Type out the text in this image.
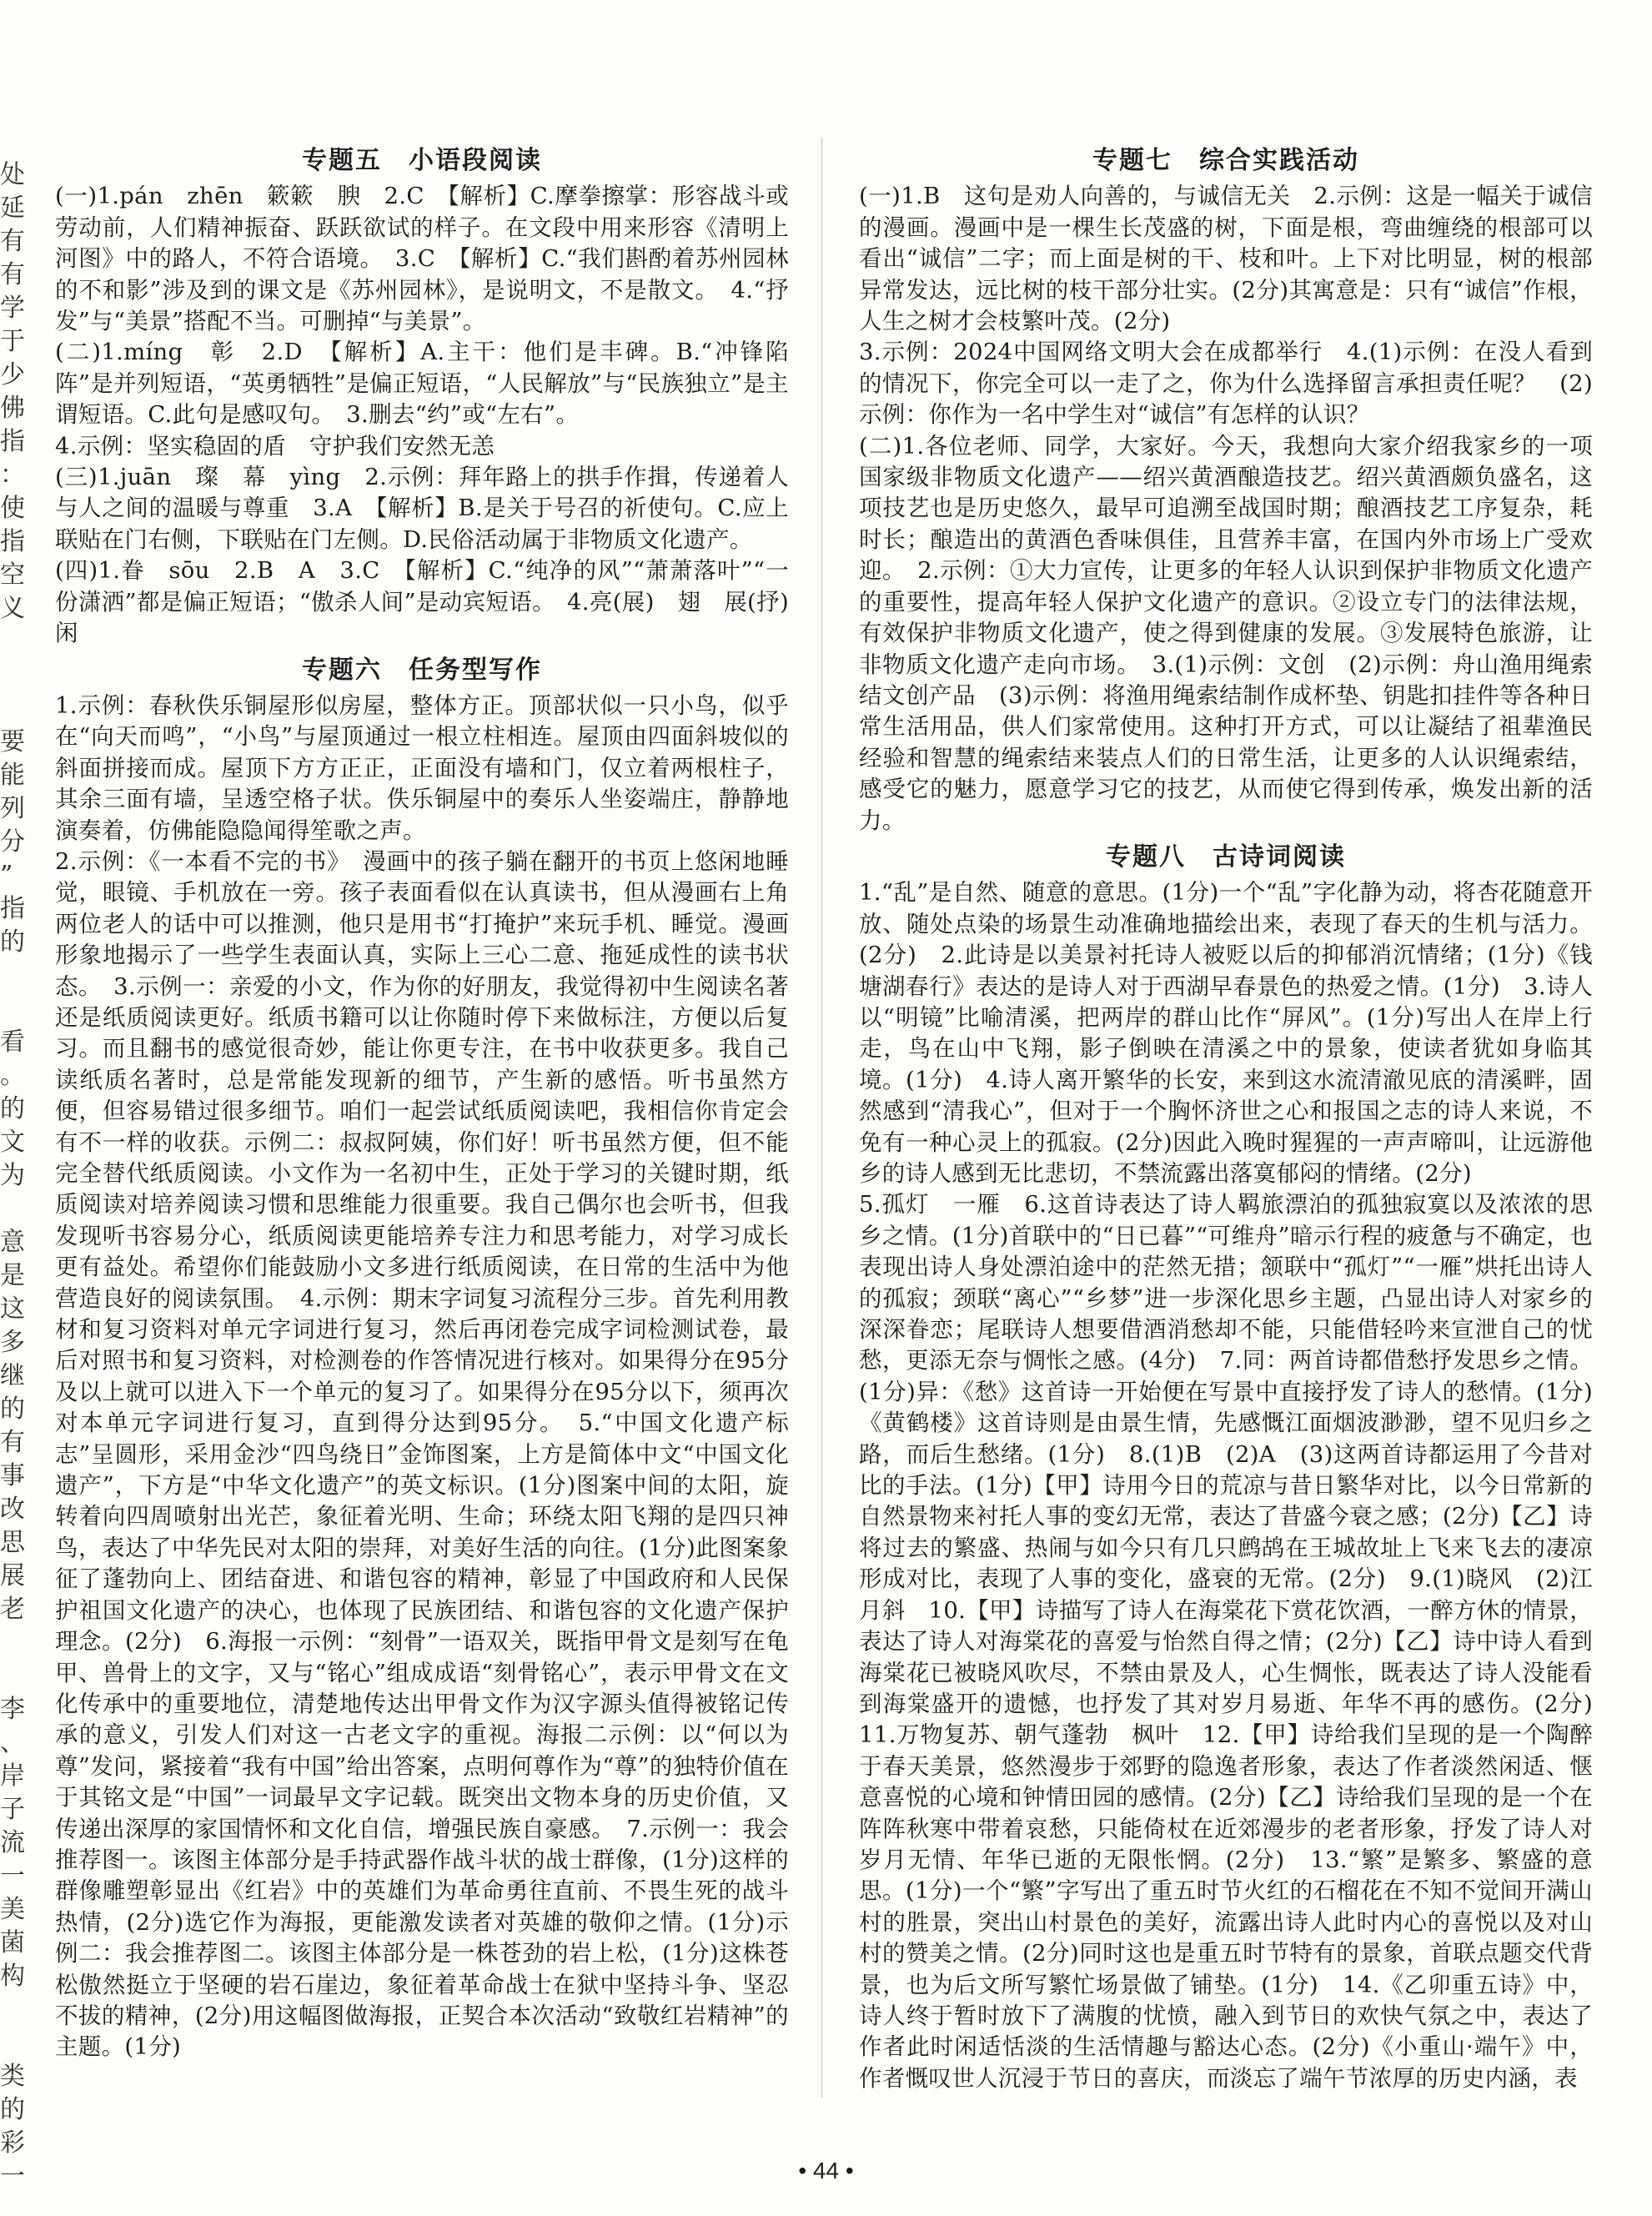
处
延
有
有
学
于
少
佛
指
：
使
指
空
义
要
能
列
分
”
指
的
看
。
的
文
为
意
是
这
多
继
的
有
事
改
思
展
老
李
、
岸
子
流
一
美
菌
构
类
的
彩
一
专题五　小语段阅读

(一)1.pán　zhēn　簌簌　腴　2.C　【解析】C.摩拳擦掌：形容战斗或劳动前，人们精神振奋、跃跃欲试的样子。在文段中用来形容《清明上河图》中的路人，不符合语境。　3.C　【解析】C.“我们斟酌着苏州园林的不和影”涉及到的课文是《苏州园林》，是说明文，不是散文。　4.“抒发”与“美景”搭配不当。可删掉“与美景”。

(二)1.míng　彰　2.D　【解析】A.主干：他们是丰碑。B.“冲锋陷阵”是并列短语，“英勇牺牲”是偏正短语，“人民解放”与“民族独立”是主谓短语。C.此句是感叹句。　3.删去“约”或“左右”。

4.示例：坚实稳固的盾　守护我们安然无恙

(三)1.juān　璨　幕　yìng　2.示例：拜年路上的拱手作揖，传递着人与人之间的温暖与尊重　3.A　【解析】B.是关于号召的祈使句。C.应上联贴在门右侧，下联贴在门左侧。D.民俗活动属于非物质文化遗产。

(四)1.眷　sōu　2.B　A　3.C　【解析】C.“纯净的风”“萧萧落叶”“一份潇洒”都是偏正短语；“傲杀人间”是动宾短语。　4.亮(展)　翅　展(抒)闲

专题六　任务型写作

1.示例：春秋佚乐铜屋形似房屋，整体方正。顶部状似一只小鸟，似乎在“向天而鸣”，“小鸟”与屋顶通过一根立柱相连。屋顶由四面斜坡似的斜面拼接而成。屋顶下方方正正，正面没有墙和门，仅立着两根柱子，其余三面有墙，呈透空格子状。佚乐铜屋中的奏乐人坐姿端庄，静静地演奏着，仿佛能隐隐闻得笙歌之声。

2.示例：《一本看不完的书》　漫画中的孩子躺在翻开的书页上悠闲地睡觉，眼镜、手机放在一旁。孩子表面看似在认真读书，但从漫画右上角两位老人的话中可以推测，他只是用书“打掩护”来玩手机、睡觉。漫画形象地揭示了一些学生表面认真，实际上三心二意、拖延成性的读书状态。　3.示例一：亲爱的小文，作为你的好朋友，我觉得初中生阅读名著还是纸质阅读更好。纸质书籍可以让你随时停下来做标注，方便以后复习。而且翻书的感觉很奇妙，能让你更专注，在书中收获更多。我自己读纸质名著时，总是常能发现新的细节，产生新的感悟。听书虽然方便，但容易错过很多细节。咱们一起尝试纸质阅读吧，我相信你肯定会有不一样的收获。示例二：叔叔阿姨，你们好！听书虽然方便，但不能完全替代纸质阅读。小文作为一名初中生，正处于学习的关键时期，纸质阅读对培养阅读习惯和思维能力很重要。我自己偶尔也会听书，但我发现听书容易分心，纸质阅读更能培养专注力和思考能力，对学习成长更有益处。希望你们能鼓励小文多进行纸质阅读，在日常的生活中为他营造良好的阅读氛围。　4.示例：期末字词复习流程分三步。首先利用教材和复习资料对单元字词进行复习，然后再闭卷完成字词检测试卷，最后对照书和复习资料，对检测卷的作答情况进行核对。如果得分在95分及以上就可以进入下一个单元的复习了。如果得分在95分以下，须再次对本单元字词进行复习，直到得分达到95分。　5.“中国文化遗产标志”呈圆形，采用金沙“四鸟绕日”金饰图案，上方是简体中文“中国文化遗产”，下方是“中华文化遗产”的英文标识。(1分)图案中间的太阳，旋转着向四周喷射出光芒，象征着光明、生命；环绕太阳飞翔的是四只神鸟，表达了中华先民对太阳的崇拜，对美好生活的向往。(1分)此图案象征了蓬勃向上、团结奋进、和谐包容的精神，彰显了中国政府和人民保护祖国文化遗产的决心，也体现了民族团结、和谐包容的文化遗产保护理念。(2分)　6.海报一示例：“刻骨”一语双关，既指甲骨文是刻写在龟甲、兽骨上的文字，又与“铭心”组成成语“刻骨铭心”，表示甲骨文在文化传承中的重要地位，清楚地传达出甲骨文作为汉字源头值得被铭记传承的意义，引发人们对这一古老文字的重视。海报二示例：以“何以为尊”发问，紧接着“我有中国”给出答案，点明何尊作为“尊”的独特价值在于其铭文是“中国”一词最早文字记载。既突出文物本身的历史价值，又传递出深厚的家国情怀和文化自信，增强民族自豪感。　7.示例一：我会推荐图一。该图主体部分是手持武器作战斗状的战士群像，(1分)这样的群像雕塑彰显出《红岩》中的英雄们为革命勇往直前、不畏生死的战斗热情，(2分)选它作为海报，更能激发读者对英雄的敬仰之情。(1分)示例二：我会推荐图二。该图主体部分是一株苍劲的岩上松，(1分)这株苍松傲然挺立于坚硬的岩石崖边，象征着革命战士在狱中坚持斗争、坚忍不拔的精神，(2分)用这幅图做海报，正契合本次活动“致敬红岩精神”的主题。(1分)

专题七　综合实践活动

(一)1.B　这句是劝人向善的，与诚信无关　2.示例：这是一幅关于诚信的漫画。漫画中是一棵生长茂盛的树，下面是根，弯曲缠绕的根部可以看出“诚信”二字；而上面是树的干、枝和叶。上下对比明显，树的根部异常发达，远比树的枝干部分壮实。(2分)其寓意是：只有“诚信”作根，人生之树才会枝繁叶茂。(2分)

3.示例：2024中国网络文明大会在成都举行　4.(1)示例：在没人看到的情况下，你完全可以一走了之，你为什么选择留言承担责任呢？　(2)示例：你作为一名中学生对“诚信”有怎样的认识？

(二)1.各位老师、同学，大家好。今天，我想向大家介绍我家乡的一项国家级非物质文化遗产——绍兴黄酒酿造技艺。绍兴黄酒颇负盛名，这项技艺也是历史悠久，最早可追溯至战国时期；酿酒技艺工序复杂，耗时长；酿造出的黄酒色香味俱佳，且营养丰富，在国内外市场上广受欢迎。　2.示例：①大力宣传，让更多的年轻人认识到保护非物质文化遗产的重要性，提高年轻人保护文化遗产的意识。②设立专门的法律法规，有效保护非物质文化遗产，使之得到健康的发展。③发展特色旅游，让非物质文化遗产走向市场。　3.(1)示例：文创　(2)示例：舟山渔用绳索结文创产品　(3)示例：将渔用绳索结制作成杯垫、钥匙扣挂件等各种日常生活用品，供人们家常使用。这种打开方式，可以让凝结了祖辈渔民经验和智慧的绳索结来装点人们的日常生活，让更多的人认识绳索结，感受它的魅力，愿意学习它的技艺，从而使它得到传承，焕发出新的活力。

专题八　古诗词阅读

1.“乱”是自然、随意的意思。(1分)一个“乱”字化静为动，将杏花随意开放、随处点染的场景生动准确地描绘出来，表现了春天的生机与活力。(2分)　2.此诗是以美景衬托诗人被贬以后的抑郁消沉情绪；(1分)《钱塘湖春行》表达的是诗人对于西湖早春景色的热爱之情。(1分)　3.诗人以“明镜”比喻清溪，把两岸的群山比作“屏风”。(1分)写出人在岸上行走，鸟在山中飞翔，影子倒映在清溪之中的景象，使读者犹如身临其境。(1分)　4.诗人离开繁华的长安，来到这水流清澈见底的清溪畔，固然感到“清我心”，但对于一个胸怀济世之心和报国之志的诗人来说，不免有一种心灵上的孤寂。(2分)因此入晚时猩猩的一声声啼叫，让远游他乡的诗人感到无比悲切，不禁流露出落寞郁闷的情绪。(2分)

5.孤灯　一雁　6.这首诗表达了诗人羁旅漂泊的孤独寂寞以及浓浓的思乡之情。(1分)首联中的“日已暮”“可维舟”暗示行程的疲惫与不确定，也表现出诗人身处漂泊途中的茫然无措；颔联中“孤灯”“一雁”烘托出诗人的孤寂；颈联“离心”“乡梦”进一步深化思乡主题，凸显出诗人对家乡的深深眷恋；尾联诗人想要借酒消愁却不能，只能借轻吟来宣泄自己的忧愁，更添无奈与惆怅之感。(4分)　7.同：两首诗都借愁抒发思乡之情。(1分)异：《愁》这首诗一开始便在写景中直接抒发了诗人的愁情。(1分)《黄鹤楼》这首诗则是由景生情，先感慨江面烟波渺渺，望不见归乡之路，而后生愁绪。(1分)　8.(1)B　(2)A　(3)这两首诗都运用了今昔对比的手法。(1分)【甲】诗用今日的荒凉与昔日繁华对比，以今日常新的自然景物来衬托人事的变幻无常，表达了昔盛今衰之感；(2分)【乙】诗将过去的繁盛、热闹与如今只有几只鹧鸪在王城故址上飞来飞去的凄凉形成对比，表现了人事的变化，盛衰的无常。(2分)　9.(1)晓风　(2)江月斜　10.【甲】诗描写了诗人在海棠花下赏花饮酒，一醉方休的情景，表达了诗人对海棠花的喜爱与怡然自得之情；(2分)【乙】诗中诗人看到海棠花已被晓风吹尽，不禁由景及人，心生惆怅，既表达了诗人没能看到海棠盛开的遗憾，也抒发了其对岁月易逝、年华不再的感伤。(2分)　11.万物复苏、朝气蓬勃　枫叶　12.【甲】诗给我们呈现的是一个陶醉于春天美景，悠然漫步于郊野的隐逸者形象，表达了作者淡然闲适、惬意喜悦的心境和钟情田园的感情。(2分)【乙】诗给我们呈现的是一个在阵阵秋寒中带着哀愁，只能倚杖在近郊漫步的老者形象，抒发了诗人对岁月无情、年华已逝的无限怅惘。(2分)　13.“繁”是繁多、繁盛的意思。(1分)一个“繁”字写出了重五时节火红的石榴花在不知不觉间开满山村的胜景，突出山村景色的美好，流露出诗人此时内心的喜悦以及对山村的赞美之情。(2分)同时这也是重五时节特有的景象，首联点题交代背景，也为后文所写繁忙场景做了铺垫。(1分)　14.《乙卯重五诗》中，诗人终于暂时放下了满腹的忧愤，融入到节日的欢快气氛之中，表达了作者此时闲适恬淡的生活情趣与豁达心态。(2分)《小重山·端午》中，作者慨叹世人沉浸于节日的喜庆，而淡忘了端午节浓厚的历史内涵，表

• 44 •
